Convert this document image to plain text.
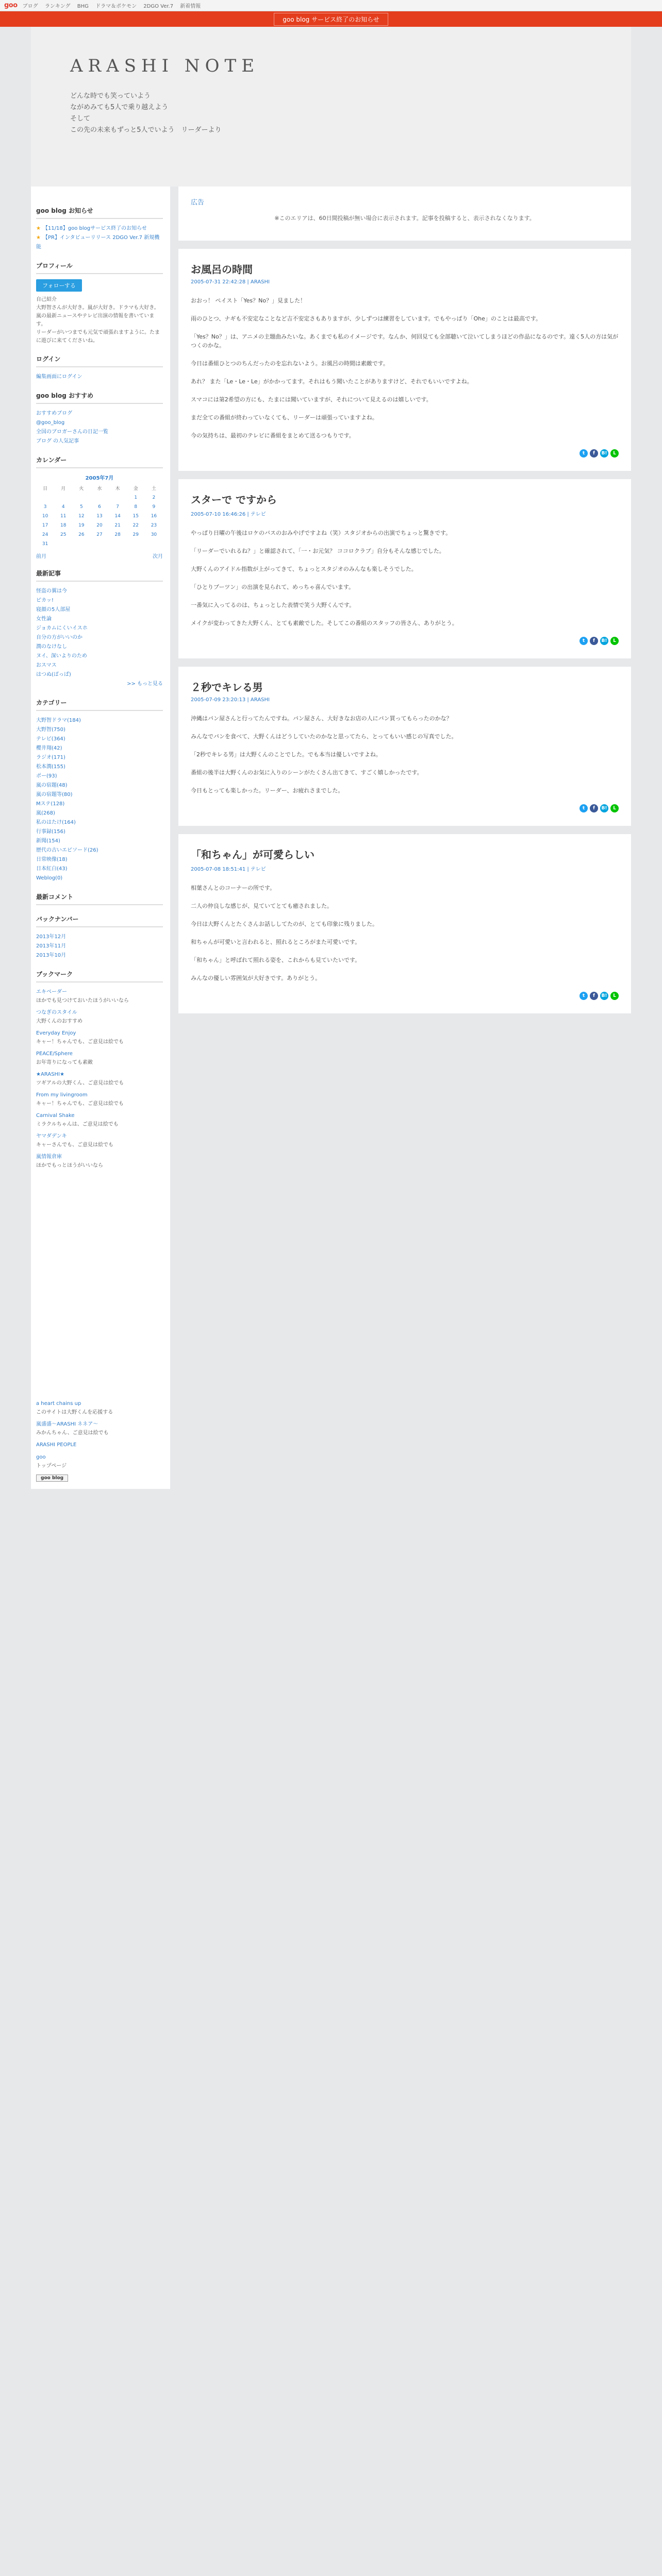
goo ブログ ランキング BHG ドラマ＆ポケモン 2DGO Ver.7 新着情報
goo blog サービス終了のお知らせ
ARASHI NOTE
どんな時でも笑っていよう
ながめみても5人で乗り越えよう
そして
この先の未来もずっと5人でいよう　リーダーより
goo blog お知らせ
★ 【11/18】goo blogサービス終了のお知らせ
★ 【PR】インタビューリリース 2DGO Ver.7 新規機能
プロフィール
フォローする
自己紹介
大野智さんが大好き。嵐が大好き。ドラマも大好き。嵐の最新ニュースやテレビ出演の情報を書いています。
リーダーがいつまでも元気で頑張れますように。たまに遊びに来てくださいね。
ログイン
編集画面にログイン
goo blog おすすめ
おすすめブログ
@goo_blog
全国のブロガーさんの日記一覧
ブログ の人気記事
カレンダー
2005年7月
日	月	火	水	木	金	土
					1	2
3	4	5	6	7	8	9
10	11	12	13	14	15	16
17	18	19	20	21	22	23
24	25	26	27	28	29	30
31						
前月	次月
最新記事
怪盗の翼は今
ピカッ!
寝顔の5人部屋
女性論
ジョカムにくいイスホ
自分の方がいいのか
潤のなけなし
ヌイ、深いよりのため
おスマス
はつぬ(ばっぱ)
>> もっと見る
カテゴリー
大野智ドラマ(184)
大野智(750)
テレビ(364)
櫻井翔(42)
ラジオ(171)
松本潤(155)
ポー(93)
嵐の宿題(48)
嵐の宿題等(80)
Mステ(128)
嵐(268)
私のはたけ(164)
行事録(156)
新聞(154)
歴代の古いエピソード(26)
日常映像(18)
日本紅白(43)
Weblog(0)
最新コメント
バックナンバー
2013年12月
2013年11月
2013年10月
ブックマーク
エキベーダー
ほかでも見つけておいたほうがいいなら
つなぎのスタイル
大野くんのおすすめ
Everyday Enjoy
キャー！ちゃんでも、ご意見は絵でも
PEACE/Sphere
お年寄りになっても素敵
★ARASHI★
ツギアルの大野くん、ご意見は絵でも
From my livingroom
キャー！ちゃんでも、ご意見は絵でも
Carnival Shake
ミラクルちゃんは、ご意見は絵でも
ヤマダデンキ
キャーさんでも、ご意見は絵でも
嵐情報倉庫
ほかでもっとほうがいいなら
広告
※このエリアは、60日間投稿が無い場合に表示されます。記事を投稿すると、表示されなくなります。
お風呂の時間
2005-07-31 22:42:28 | ARASHI

おおっ！ ペイスト「Yes？No？」見ました！

雨のひとつ、ナギも不安定なことなど吉不安定さもありますが、少しずつは練習をしています。でもやっぱり「Ohe」のことは最高です。

「Yes？No？」は、アニメの主題曲みたいな。あくまでも私のイメージです。なんか、何回見ても全部聴いて泣いてしまうほどの作品になるのです。遠く5人の方は気がつくのかな。

今日は番組ひとつのちんだったのを忘れないよう。お風呂の時間は素敵です。

あれ？ また「Le・Le・Le」がかかってます。それはもう聞いたことがありますけど、それでもいいですよね。

スマコには第2希望の方にも、たまには聞いていますが、それについて見えるのは嬉しいです。

まだ全ての番組が終わっていなくても、リーダーは頑張っていますよね。

今の気持ちは、最初のテレビに番組をまとめて送るつもりです。

t	f	B!	L
スターで ですから
2005-07-10 16:46:26 | テレビ

やっぱり日曜の午後はロケのバスのおみやげですよね（笑）スタジオからの出演でちょっと驚きです。

「リーダーでいれるね？」と確認されて、「一・お元気？ ココロクラブ」自分もそんな感じでした。

大野くんのアイドル指数が上がってきて、ちょっとスタジオのみんなも楽しそうでした。

「ひとりブーツン」の出演を見られて、めっちゃ喜んでいます。

一番気に入ってるのは、ちょっとした表情で笑う大野くんです。

メイクが変わってきた大野くん、とても素敵でした。そしてこの番組のスタッフの皆さん、ありがとう。

t	f	B!	L
２秒でキレる男
2005-07-09 23:20:13 | ARASHI

沖縄はパン屋さんと行ってたんですね。パン屋さん、大好きなお店の人にパン買ってもらったのかな？

みんなでパンを食べて、大野くんはどうしていたのかなと思ってたら、とってもいい感じの写真でした。

「2秒でキレる男」は大野くんのことでした。でも本当は優しいですよね。

番組の後半は大野くんのお気に入りのシーンがたくさん出てきて、すごく嬉しかったです。

今日もとっても楽しかった。リーダー、お疲れさまでした。

t	f	B!	L
「和ちゃん」が可愛らしい
2005-07-08 18:51:41 | テレビ

相葉さんとのコーナーの所です。

二人の仲良しな感じが、見ていてとても癒されました。

今日は大野くんとたくさんお話ししてたのが、とても印象に残りました。

和ちゃんが可愛いと言われると、照れるところがまた可愛いです。

「和ちゃん」と呼ばれて照れる姿を、これからも見ていたいです。

みんなの優しい雰囲気が大好きです。ありがとう。

t	f	B!	L
a heart chains up
このサイトは大野くんを応援する
嵐盛盛～ARASHI ネネア～
みかんちゃん、ご意見は絵でも
ARASHI PEOPLE
goo
トップページ
goo blog
